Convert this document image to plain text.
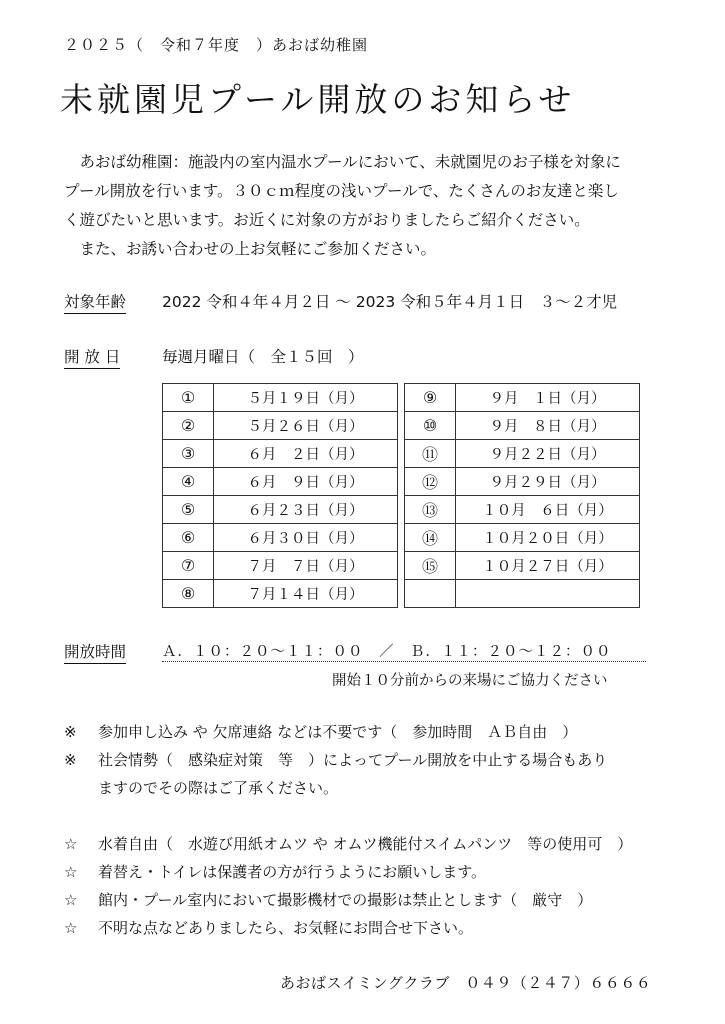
２０２５（　令和７年度　）あおば幼稚園
未就園児プール開放のお知らせ

　あおば幼稚園：施設内の室内温水プールにおいて、未就園児のお子様を対象に

プール開放を行います。３０ｃｍ程度の浅いプールで、たくさんのお友達と楽し

く遊びたいと思います。お近くに対象の方がおりましたらご紹介ください。

　また、お誘い合わせの上お気軽にご参加ください。

対象年齢 2022 令和４年４月２日 ～ 2023 令和５年４月１日　３～２才児
開 放 日	毎週月曜日（　全１５回　）
①	５月１９日（月）
②	５月２６日（月）
③	６月　２日（月）
④	６月　９日（月）
⑤	６月２３日（月）
⑥	６月３０日（月）
⑦	７月　７日（月）
⑧	７月１４日（月）
⑨	９月　１日（月）
⑩	９月　８日（月）
⑪	９月２２日（月）
⑫	９月２９日（月）
⑬	１０月　６日（月）
⑭	１０月２０日（月）
⑮	１０月２７日（月）

開放時間 Ａ．１０：２０～１１：００　／　Ｂ．１１：２０～１２：００
開始１０分前からの来場にご協力ください
※ 参加申し込み や 欠席連絡 などは不要です（　参加時間　ＡＢ自由　）
※ 社会情勢（　感染症対策　等　）によってプール開放を中止する場合もあり
ますのでその際はご了承ください。
☆ 水着自由（　水遊び用紙オムツ や オムツ機能付スイムパンツ　等の使用可　）
☆ 着替え・トイレは保護者の方が行うようにお願いします。
☆ 館内・プール室内において撮影機材での撮影は禁止とします（　厳守　）
☆ 不明な点などありましたら、お気軽にお問合せ下さい。
あおばスイミングクラブ　０４９（２４７）６６６６
